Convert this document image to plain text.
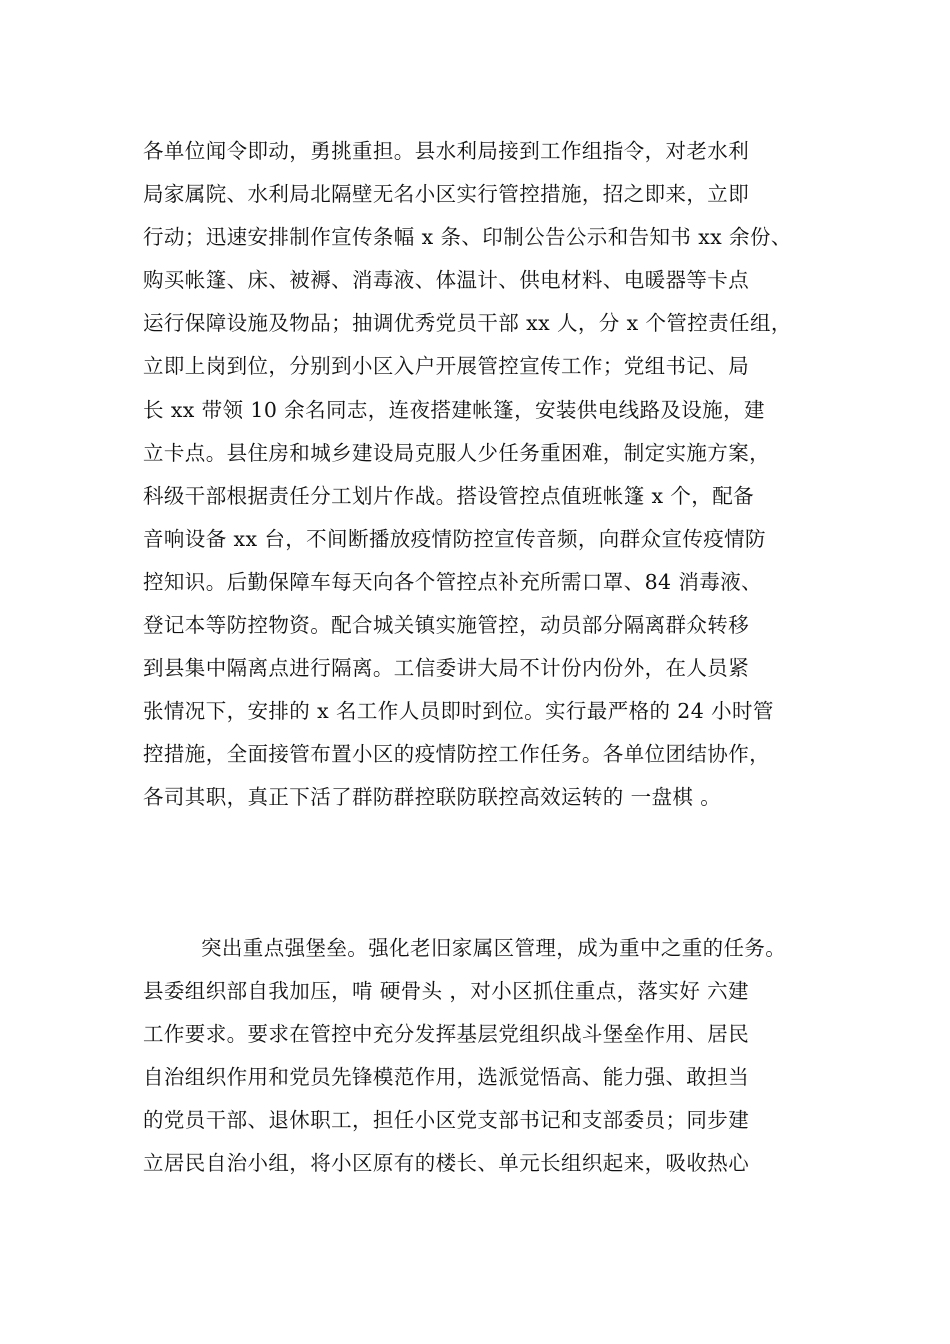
各单位闻令即动，勇挑重担。县水利局接到工作组指令，对老水利
局家属院、水利局北隔壁无名小区实行管控措施，招之即来，立即
行动；迅速安排制作宣传条幅 x 条、印制公告公示和告知书 xx 余份、
购买帐篷、床、被褥、消毒液、体温计、供电材料、电暖器等卡点
运行保障设施及物品；抽调优秀党员干部 xx 人，分 x 个管控责任组，
立即上岗到位，分别到小区入户开展管控宣传工作；党组书记、局
长 xx 带领 10 余名同志，连夜搭建帐篷，安装供电线路及设施，建
立卡点。县住房和城乡建设局克服人少任务重困难，制定实施方案，
科级干部根据责任分工划片作战。搭设管控点值班帐篷 x 个，配备
音响设备 xx 台，不间断播放疫情防控宣传音频，向群众宣传疫情防
控知识。后勤保障车每天向各个管控点补充所需口罩、84 消毒液、
登记本等防控物资。配合城关镇实施管控，动员部分隔离群众转移
到县集中隔离点进行隔离。工信委讲大局不计份内份外，在人员紧
张情况下，安排的 x 名工作人员即时到位。实行最严格的 24 小时管
控措施，全面接管布置小区的疫情防控工作任务。各单位团结协作，
各司其职，真正下活了群防群控联防联控高效运转的 一盘棋 。
突出重点强堡垒。强化老旧家属区管理，成为重中之重的任务。
县委组织部自我加压，啃 硬骨头 ，对小区抓住重点，落实好 六建
工作要求。要求在管控中充分发挥基层党组织战斗堡垒作用、居民
自治组织作用和党员先锋模范作用，选派觉悟高、能力强、敢担当
的党员干部、退休职工，担任小区党支部书记和支部委员；同步建
立居民自治小组，将小区原有的楼长、单元长组织起来，吸收热心
